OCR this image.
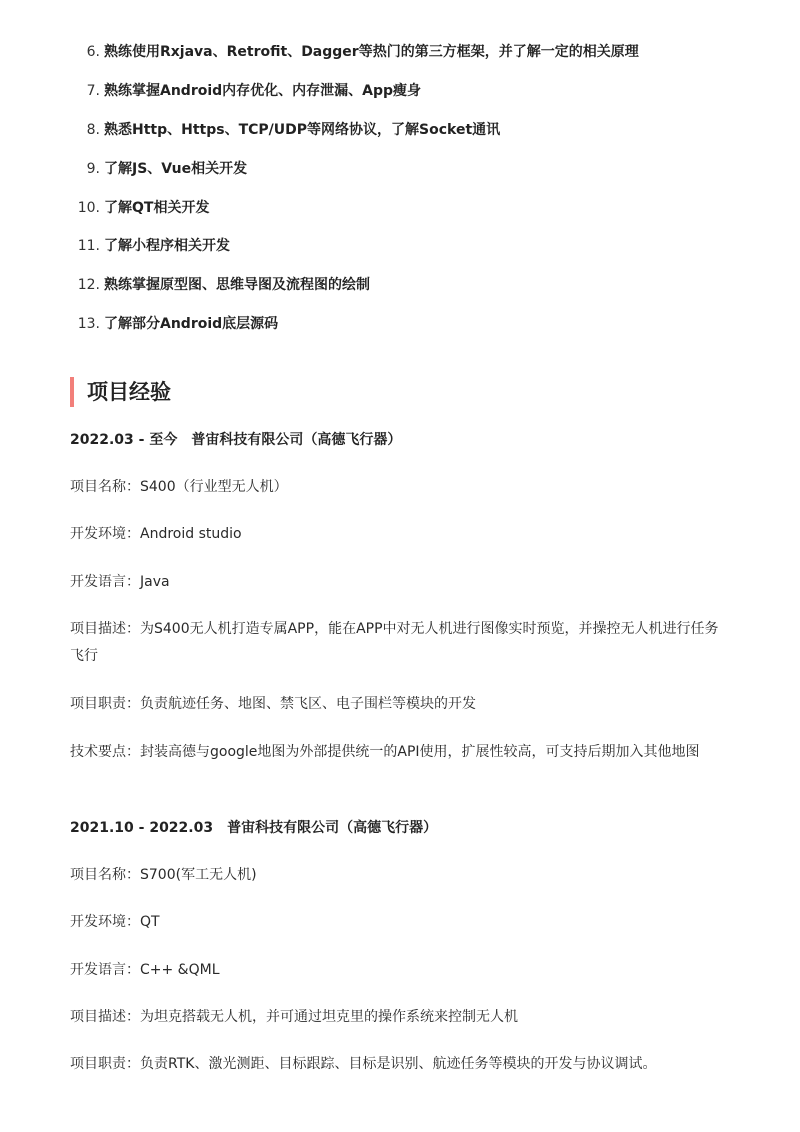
6. 熟练使用Rxjava、Retrofit、Dagger等热门的第三方框架，并了解一定的相关原理
7. 熟练掌握Android内存优化、内存泄漏、App瘦身
8. 熟悉Http、Https、TCP/UDP等网络协议，了解Socket通讯
9. 了解JS、Vue相关开发
10. 了解QT相关开发
11. 了解小程序相关开发
12. 熟练掌握原型图、思维导图及流程图的绘制
13. 了解部分Android底层源码
项目经验
2022.03 - 至今 普宙科技有限公司（高德飞行器）
项目名称：S400（行业型无人机）
开发环境：Android studio
开发语言：Java
项目描述：为S400无人机打造专属APP，能在APP中对无人机进行图像实时预览，并操控无人机进行任务飞行
项目职责：负责航迹任务、地图、禁飞区、电子围栏等模块的开发
技术要点：封装高德与google地图为外部提供统一的API使用，扩展性较高，可支持后期加入其他地图
2021.10 - 2022.03 普宙科技有限公司（高德飞行器）
项目名称：S700(军工无人机)
开发环境：QT
开发语言：C++ &QML
项目描述：为坦克搭载无人机，并可通过坦克里的操作系统来控制无人机
项目职责：负责RTK、激光测距、目标跟踪、目标是识别、航迹任务等模块的开发与协议调试。
